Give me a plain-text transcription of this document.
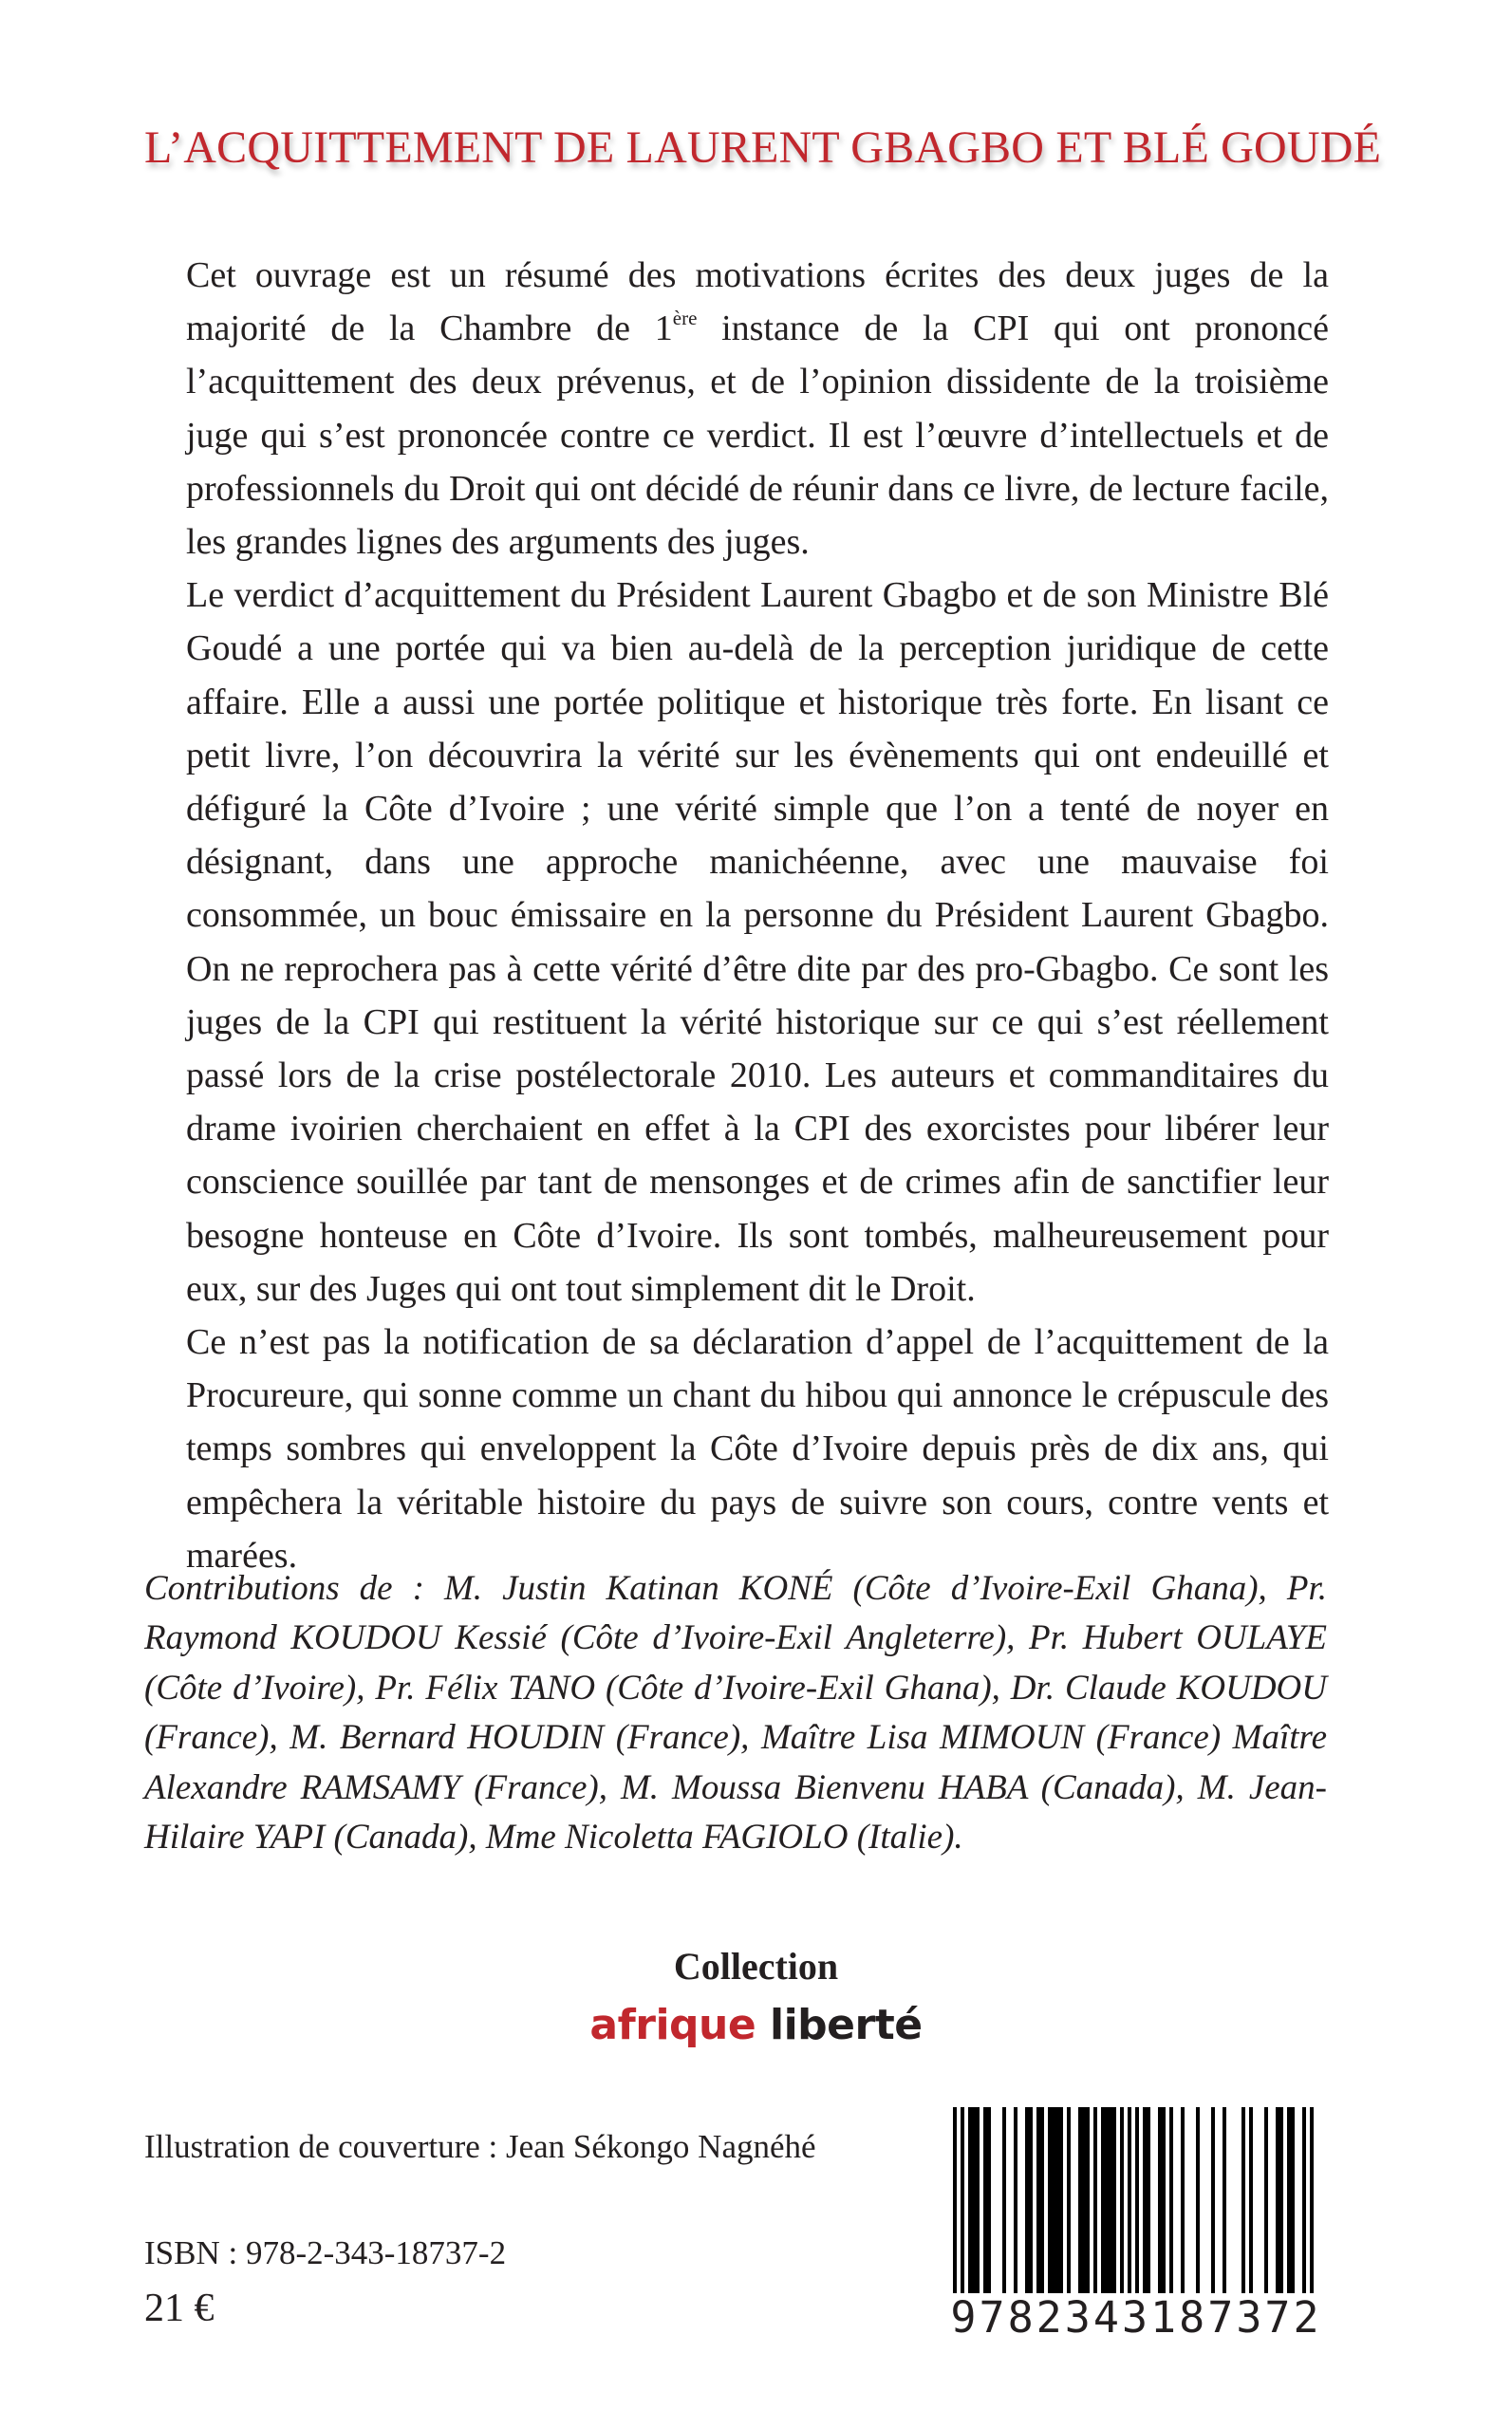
L’ACQUITTEMENT DE LAURENT GBAGBO ET BLÉ GOUDÉ

Cet ouvrage est un résumé des motivations écrites des deux juges de la majorité de la Chambre de 1ère instance de la CPI qui ont prononcé l’acquittement des deux prévenus, et de l’opinion dissidente de la troisième juge qui s’est prononcée contre ce verdict. Il est l’œuvre d’intellectuels et de professionnels du Droit qui ont décidé de réunir dans ce livre, de lecture facile, les grandes lignes des arguments des juges.

Le verdict d’acquittement du Président Laurent Gbagbo et de son Ministre Blé Goudé a une portée qui va bien au-delà de la perception juridique de cette affaire. Elle a aussi une portée politique et historique très forte. En lisant ce petit livre, l’on découvrira la vérité sur les évènements qui ont endeuillé et défiguré la Côte d’Ivoire ; une vérité simple que l’on a tenté de noyer en désignant, dans une approche manichéenne, avec une mauvaise foi consommée, un bouc émissaire en la personne du Président Laurent Gbagbo. On ne reprochera pas à cette vérité d’être dite par des pro-Gbagbo. Ce sont les juges de la CPI qui restituent la vérité historique sur ce qui s’est réellement passé lors de la crise postélectorale 2010. Les auteurs et commanditaires du drame ivoirien cherchaient en effet à la CPI des exorcistes pour libérer leur conscience souillée par tant de mensonges et de crimes afin de sanctifier leur besogne honteuse en Côte d’Ivoire. Ils sont tombés, malheureusement pour eux, sur des Juges qui ont tout simplement dit le Droit.

Ce n’est pas la notification de sa déclaration d’appel de l’acquittement de la Procureure, qui sonne comme un chant du hibou qui annonce le crépuscule des temps sombres qui enveloppent la Côte d’Ivoire depuis près de dix ans, qui empêchera la véritable histoire du pays de suivre son cours, contre vents et marées.

Contributions de : M. Justin Katinan KONÉ (Côte d’Ivoire-Exil Ghana), Pr. Raymond KOUDOU Kessié (Côte d’Ivoire-Exil Angleterre), Pr. Hubert OULAYE (Côte d’Ivoire), Pr. Félix TANO (Côte d’Ivoire-Exil Ghana), Dr. Claude KOUDOU (France), M. Bernard HOUDIN (France), Maître Lisa MIMOUN (France) Maître Alexandre RAMSAMY (France), M. Moussa Bienvenu HABA (Canada), M. Jean-Hilaire YAPI (Canada), Mme Nicoletta FAGIOLO (Italie).
Collection
afrique liberté
Illustration de couverture : Jean Sékongo Nagnéhé
ISBN : 978-2-343-18737-2
21 €	9782343187372
